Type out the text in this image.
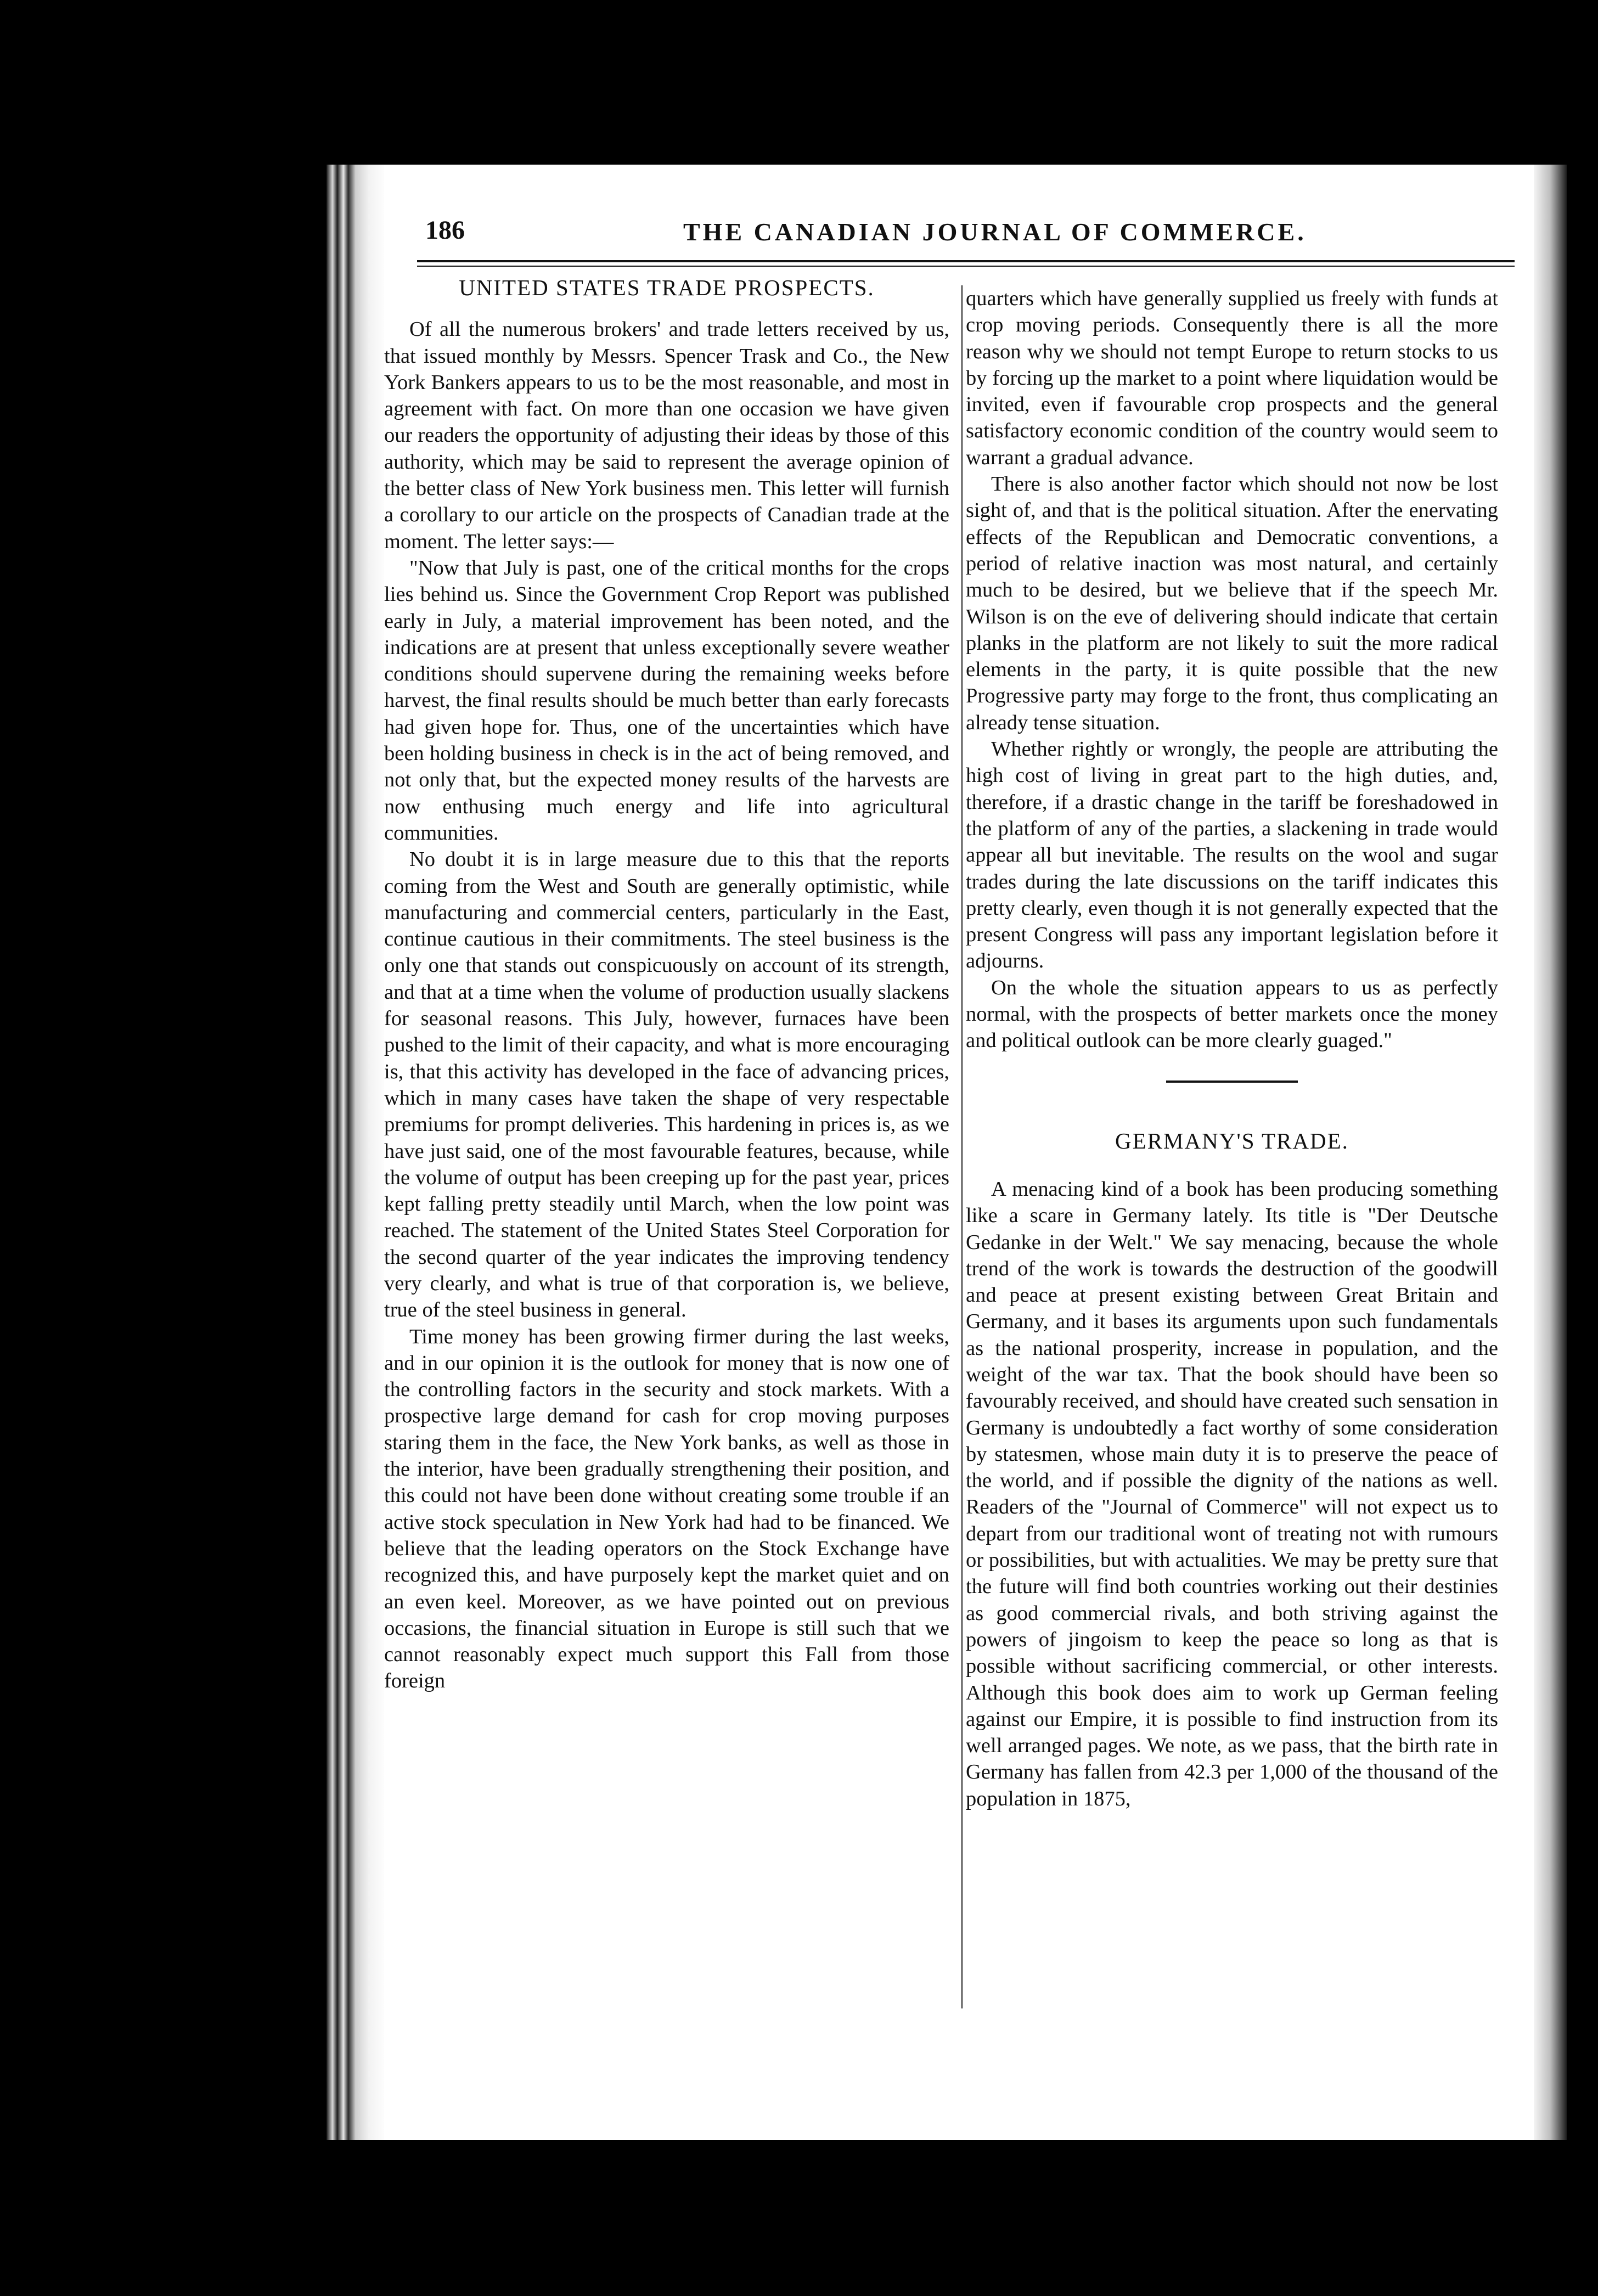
186	THE CANADIAN JOURNAL OF COMMERCE.
UNITED STATES TRADE PROSPECTS.

Of all the numerous brokers' and trade letters received by us, that issued monthly by Messrs. Spencer Trask and Co., the New York Bankers appears to us to be the most reasonable, and most in agreement with fact. On more than one occasion we have given our readers the opportunity of adjusting their ideas by those of this authority, which may be said to represent the average opinion of the better class of New York business men. This letter will furnish a corollary to our article on the prospects of Canadian trade at the moment. The letter says:—

"Now that July is past, one of the critical months for the crops lies behind us. Since the Government Crop Report was published early in July, a material improvement has been noted, and the indications are at present that unless exceptionally severe weather conditions should supervene during the remaining weeks before harvest, the final results should be much better than early forecasts had given hope for. Thus, one of the uncertainties which have been holding business in check is in the act of being removed, and not only that, but the expected money results of the harvests are now enthusing much energy and life into agricultural communities.

No doubt it is in large measure due to this that the reports coming from the West and South are generally optimistic, while manufacturing and commercial centers, particularly in the East, continue cautious in their commitments. The steel business is the only one that stands out conspicuously on account of its strength, and that at a time when the volume of production usually slackens for seasonal reasons. This July, however, furnaces have been pushed to the limit of their capacity, and what is more encouraging is, that this activity has developed in the face of advancing prices, which in many cases have taken the shape of very respectable premiums for prompt deliveries. This hardening in prices is, as we have just said, one of the most favourable features, because, while the volume of output has been creeping up for the past year, prices kept falling pretty steadily until March, when the low point was reached. The statement of the United States Steel Corporation for the second quarter of the year indicates the improving tendency very clearly, and what is true of that corporation is, we believe, true of the steel business in general.

Time money has been growing firmer during the last weeks, and in our opinion it is the outlook for money that is now one of the controlling factors in the security and stock markets. With a prospective large demand for cash for crop moving purposes staring them in the face, the New York banks, as well as those in the interior, have been gradually strengthening their position, and this could not have been done without creating some trouble if an active stock speculation in New York had had to be financed. We believe that the leading operators on the Stock Exchange have recognized this, and have purposely kept the market quiet and on an even keel. Moreover, as we have pointed out on previous occasions, the financial situation in Europe is still such that we cannot reasonably expect much support this Fall from those foreign

quarters which have generally supplied us freely with funds at crop moving periods. Consequently there is all the more reason why we should not tempt Europe to return stocks to us by forcing up the market to a point where liquidation would be invited, even if favourable crop prospects and the general satisfactory economic condition of the country would seem to warrant a gradual advance.

There is also another factor which should not now be lost sight of, and that is the political situation. After the enervating effects of the Republican and Democratic conventions, a period of relative inaction was most natural, and certainly much to be desired, but we believe that if the speech Mr. Wilson is on the eve of delivering should indicate that certain planks in the platform are not likely to suit the more radical elements in the party, it is quite possible that the new Progressive party may forge to the front, thus complicating an already tense situation.

Whether rightly or wrongly, the people are attributing the high cost of living in great part to the high duties, and, therefore, if a drastic change in the tariff be foreshadowed in the platform of any of the parties, a slackening in trade would appear all but inevitable. The results on the wool and sugar trades during the late discussions on the tariff indicates this pretty clearly, even though it is not generally expected that the present Congress will pass any important legislation before it adjourns.

On the whole the situation appears to us as perfectly normal, with the prospects of better markets once the money and political outlook can be more clearly guaged."

GERMANY'S TRADE.

A menacing kind of a book has been producing something like a scare in Germany lately. Its title is "Der Deutsche Gedanke in der Welt." We say menacing, because the whole trend of the work is towards the destruction of the goodwill and peace at present existing between Great Britain and Germany, and it bases its arguments upon such fundamentals as the national prosperity, increase in population, and the weight of the war tax. That the book should have been so favourably received, and should have created such sensation in Germany is undoubtedly a fact worthy of some consideration by statesmen, whose main duty it is to preserve the peace of the world, and if possible the dignity of the nations as well. Readers of the "Journal of Commerce" will not expect us to depart from our traditional wont of treating not with rumours or possibilities, but with actualities. We may be pretty sure that the future will find both countries working out their destinies as good commercial rivals, and both striving against the powers of jingoism to keep the peace so long as that is possible without sacrificing commercial, or other interests. Although this book does aim to work up German feeling against our Empire, it is possible to find instruction from its well arranged pages. We note, as we pass, that the birth rate in Germany has fallen from 42.3 per 1,000 of the thousand of the population in 1875,
